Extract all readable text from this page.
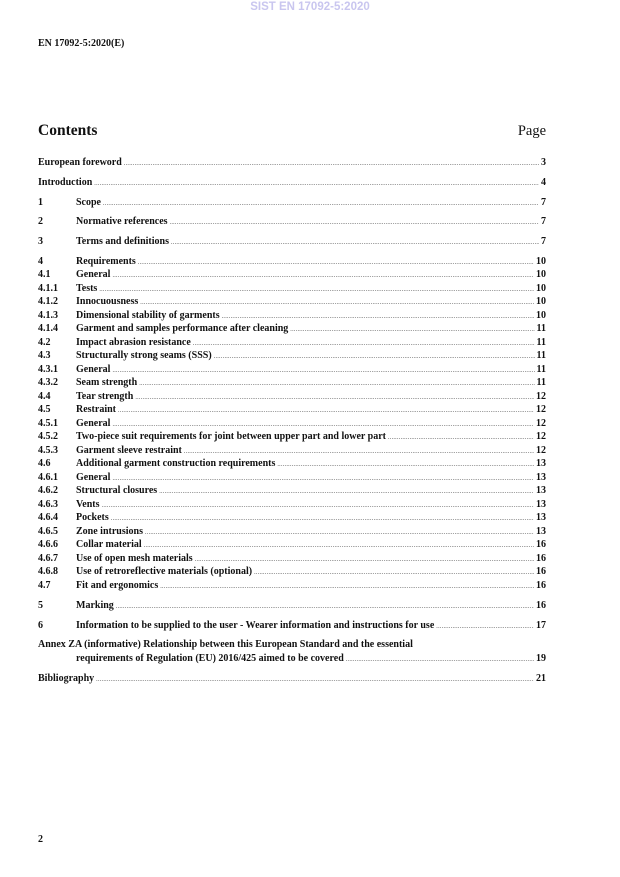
SIST EN 17092-5:2020
EN 17092-5:2020(E)
Contents	Page
European foreword .....	3
Introduction .....	4
1	Scope .....	7
2	Normative references .....	7
3	Terms and definitions .....	7
4	Requirements .....	10
4.1	General .....	10
4.1.1	Tests .....	10
4.1.2	Innocuousness .....	10
4.1.3	Dimensional stability of garments .....	10
4.1.4	Garment and samples performance after cleaning .....	11
4.2	Impact abrasion resistance .....	11
4.3	Structurally strong seams (SSS) .....	11
4.3.1	General .....	11
4.3.2	Seam strength .....	11
4.4	Tear strength .....	12
4.5	Restraint .....	12
4.5.1	General .....	12
4.5.2	Two-piece suit requirements for joint between upper part and lower part .....	12
4.5.3	Garment sleeve restraint .....	12
4.6	Additional garment construction requirements .....	13
4.6.1	General .....	13
4.6.2	Structural closures .....	13
4.6.3	Vents .....	13
4.6.4	Pockets .....	13
4.6.5	Zone intrusions .....	13
4.6.6	Collar material .....	16
4.6.7	Use of open mesh materials .....	16
4.6.8	Use of retroreflective materials (optional) .....	16
4.7	Fit and ergonomics .....	16
5	Marking .....	16
6	Information to be supplied to the user - Wearer information and instructions for use .....	17
Annex ZA (informative) Relationship between this European Standard and the essential
requirements of Regulation (EU) 2016/425 aimed to be covered .....	19
Bibliography .....	21
2
